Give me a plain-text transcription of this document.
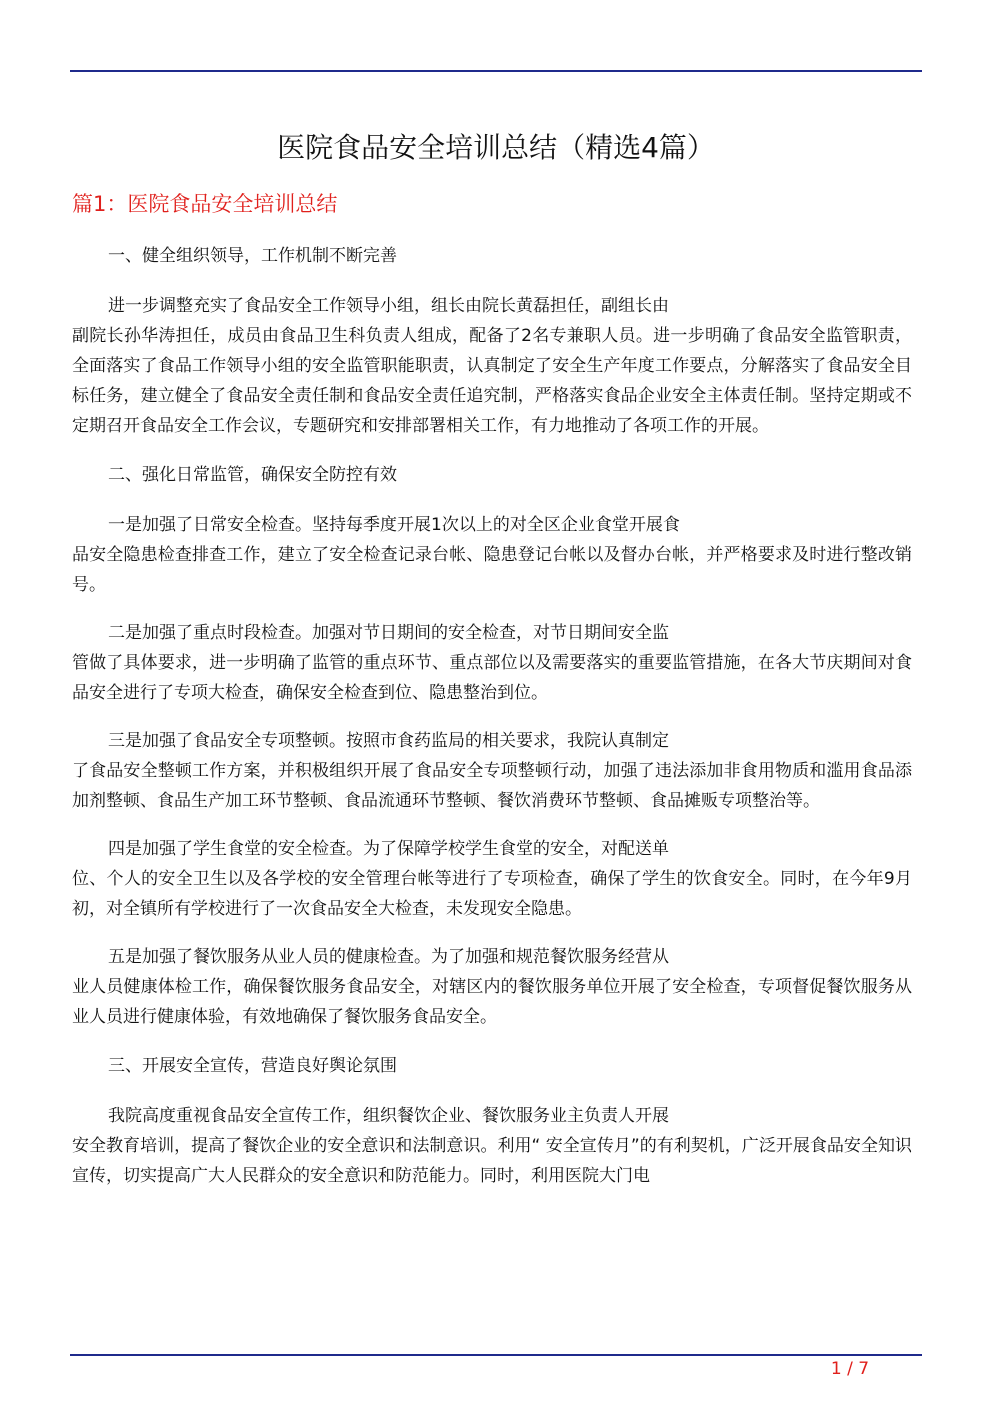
医院食品安全培训总结（精选4篇）
篇1：医院食品安全培训总结
一、健全组织领导，工作机制不断完善
进一步调整充实了食品安全工作领导小组，组长由院长黄磊担任，副组长由
副院长孙华涛担任，成员由食品卫生科负责人组成，配备了2名专兼职人员。进一步明确了食品安全监管职责，全面落实了食品工作领导小组的安全监管职能职责，认真制定了安全生产年度工作要点，分解落实了食品安全目标任务，建立健全了食品安全责任制和食品安全责任追究制，严格落实食品企业安全主体责任制。坚持定期或不定期召开食品安全工作会议，专题研究和安排部署相关工作，有力地推动了各项工作的开展。
二、强化日常监管，确保安全防控有效
一是加强了日常安全检查。坚持每季度开展1次以上的对全区企业食堂开展食
品安全隐患检查排查工作，建立了安全检查记录台帐、隐患登记台帐以及督办台帐，并严格要求及时进行整改销号。
二是加强了重点时段检查。加强对节日期间的安全检查，对节日期间安全监
管做了具体要求，进一步明确了监管的重点环节、重点部位以及需要落实的重要监管措施，在各大节庆期间对食品安全进行了专项大检查，确保安全检查到位、隐患整治到位。
三是加强了食品安全专项整顿。按照市食药监局的相关要求，我院认真制定
了食品安全整顿工作方案，并积极组织开展了食品安全专项整顿行动，加强了违法添加非食用物质和滥用食品添加剂整顿、食品生产加工环节整顿、食品流通环节整顿、餐饮消费环节整顿、食品摊贩专项整治等。
四是加强了学生食堂的安全检查。为了保障学校学生食堂的安全，对配送单
位、个人的安全卫生以及各学校的安全管理台帐等进行了专项检查，确保了学生的饮食安全。同时，在今年9月初，对全镇所有学校进行了一次食品安全大检查，未发现安全隐患。
五是加强了餐饮服务从业人员的健康检查。为了加强和规范餐饮服务经营从
业人员健康体检工作，确保餐饮服务食品安全，对辖区内的餐饮服务单位开展了安全检查，专项督促餐饮服务从业人员进行健康体验，有效地确保了餐饮服务食品安全。
三、开展安全宣传，营造良好舆论氛围
我院高度重视食品安全宣传工作，组织餐饮企业、餐饮服务业主负责人开展
安全教育培训，提高了餐饮企业的安全意识和法制意识。利用“ 安全宣传月”的有利契机，广泛开展食品安全知识宣传，切实提高广大人民群众的安全意识和防范能力。同时，利用医院大门电
1 / 7
